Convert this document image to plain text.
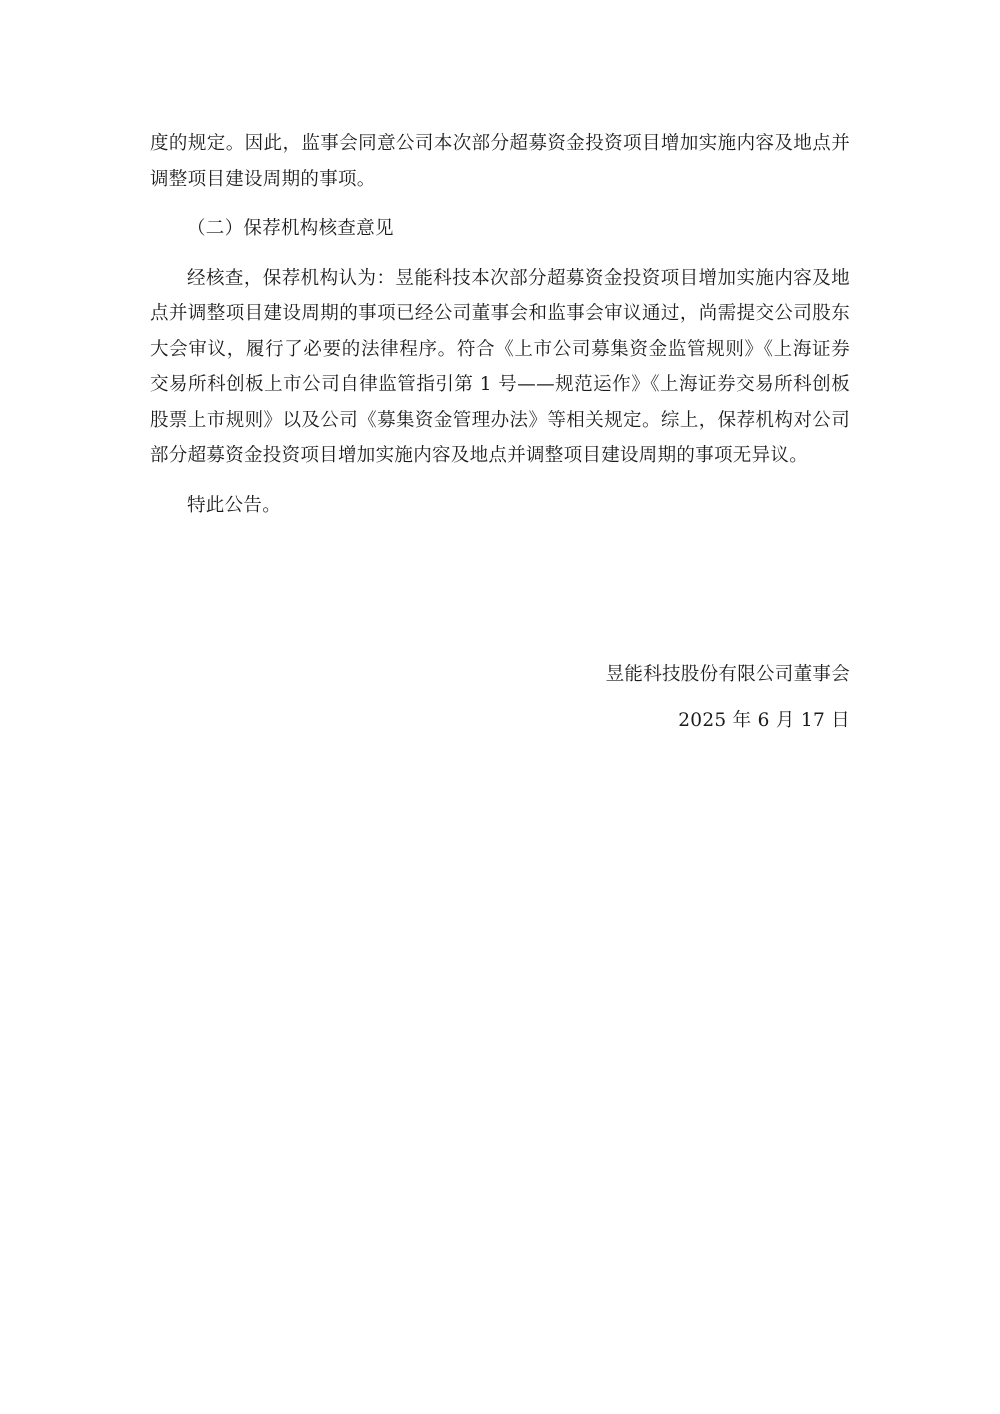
度的规定。因此，监事会同意公司本次部分超募资金投资项目增加实施内容及地点并调整项目建设周期的事项。

（二）保荐机构核查意见

经核查，保荐机构认为：昱能科技本次部分超募资金投资项目增加实施内容及地点并调整项目建设周期的事项已经公司董事会和监事会审议通过，尚需提交公司股东大会审议，履行了必要的法律程序。符合《上市公司募集资金监管规则》《上海证券交易所科创板上市公司自律监管指引第 1 号——规范运作》《上海证券交易所科创板股票上市规则》以及公司《募集资金管理办法》等相关规定。综上，保荐机构对公司部分超募资金投资项目增加实施内容及地点并调整项目建设周期的事项无异议。

特此公告。

昱能科技股份有限公司董事会

2025 年 6 月 17 日
